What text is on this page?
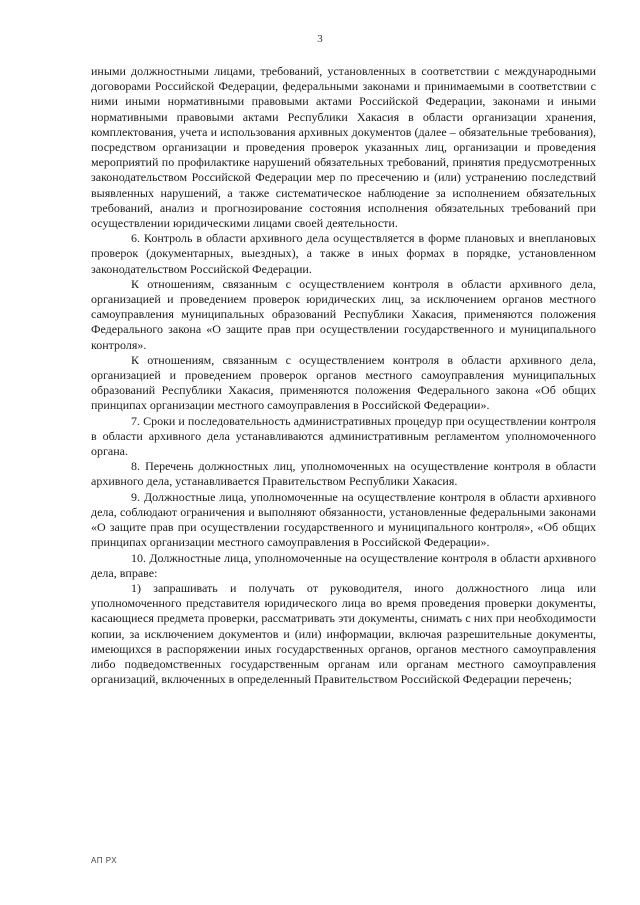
3

иными должностными лицами, требований, установленных в соответствии с международными договорами Российской Федерации, федеральными законами и принимаемыми в соответствии с ними иными нормативными правовыми актами Российской Федерации, законами и иными нормативными правовыми актами Республики Хакасия в области организации хранения, комплектования, учета и использования архивных документов (далее – обязательные требования), посредством организации и проведения проверок указанных лиц, организации и проведения мероприятий по профилактике нарушений обязательных требований, принятия предусмотренных законодательством Российской Федерации мер по пресечению и (или) устранению последствий выявленных нарушений, а также систематическое наблюдение за исполнением обязательных требований, анализ и прогнозирование состояния исполнения обязательных требований при осуществлении юридическими лицами своей деятельности.

6. Контроль в области архивного дела осуществляется в форме плановых и внеплановых проверок (документарных, выездных), а также в иных формах в порядке, установленном законодательством Российской Федерации.

К отношениям, связанным с осуществлением контроля в области архивного дела, организацией и проведением проверок юридических лиц, за исключением органов местного самоуправления муниципальных образований Республики Хакасия, применяются положения Федерального закона «О защите прав при осуществлении государственного и муниципального контроля».

К отношениям, связанным с осуществлением контроля в области архивного дела, организацией и проведением проверок органов местного самоуправления муниципальных образований Республики Хакасия, применяются положения Федерального закона «Об общих принципах организации местного самоуправления в Российской Федерации».

7. Сроки и последовательность административных процедур при осуществлении контроля в области архивного дела устанавливаются административным регламентом уполномоченного органа.

8. Перечень должностных лиц, уполномоченных на осуществление контроля в области архивного дела, устанавливается Правительством Республики Хакасия.

9. Должностные лица, уполномоченные на осуществление контроля в области архивного дела, соблюдают ограничения и выполняют обязанности, установленные федеральными законами «О защите прав при осуществлении государственного и муниципального контроля», «Об общих принципах организации местного самоуправления в Российской Федерации».

10. Должностные лица, уполномоченные на осуществление контроля в области архивного дела, вправе:

1) запрашивать и получать от руководителя, иного должностного лица или уполномоченного представителя юридического лица во время проведения проверки документы, касающиеся предмета проверки, рассматривать эти документы, снимать с них при необходимости копии, за исключением документов и (или) информации, включая разрешительные документы, имеющихся в распоряжении иных государственных органов, органов местного самоуправления либо подведомственных государственным органам или органам местного самоуправления организаций, включенных в определенный Правительством Российской Федерации перечень;

АП РХ
